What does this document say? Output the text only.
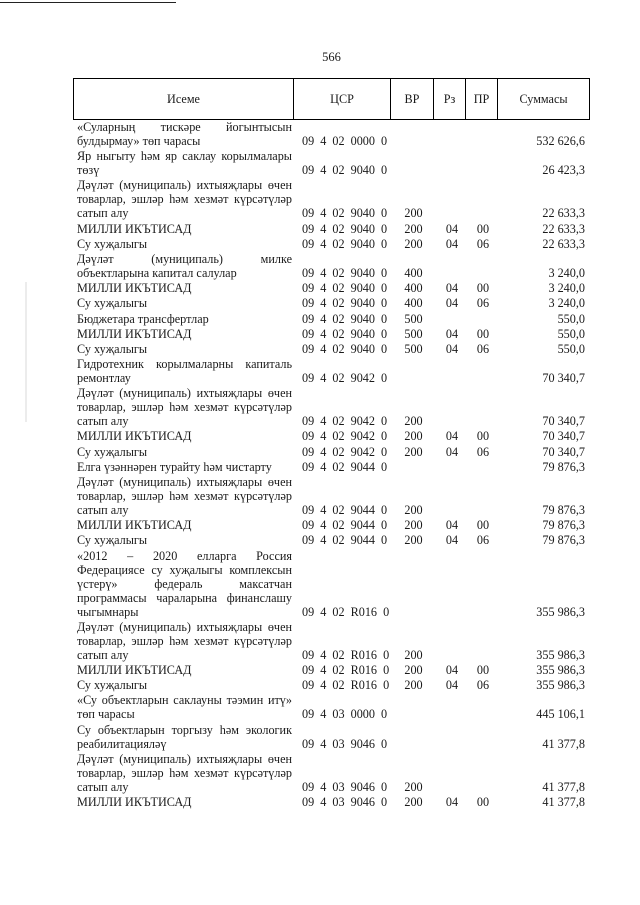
566
Исеме	ЦСР	ВР	Рз	ПР	Суммасы
«Суларның тискәре йогынтысын
булдырмау» төп чарасы	09 4 02 0000 0	532 626,6
Яр ныгыту һәм яр саклау корылмалары
төзү	09 4 02 9040 0	26 423,3
Дәүләт (муниципаль) ихтыяҗлары өчен
товарлар, эшләр һәм хезмәт күрсәтүләр
сатып алу	09 4 02 9040 0	200	22 633,3
МИЛЛИ ИКЪТИСАД	09 4 02 9040 0	200	04	00	22 633,3
Су хуҗалыгы	09 4 02 9040 0	200	04	06	22 633,3
Дәүләт (муниципаль) милке
объектларына капитал салулар	09 4 02 9040 0	400	3 240,0
МИЛЛИ ИКЪТИСАД	09 4 02 9040 0	400	04	00	3 240,0
Су хуҗалыгы	09 4 02 9040 0	400	04	06	3 240,0
Бюджетара трансфертлар	09 4 02 9040 0	500	550,0
МИЛЛИ ИКЪТИСАД	09 4 02 9040 0	500	04	00	550,0
Су хуҗалыгы	09 4 02 9040 0	500	04	06	550,0
Гидротехник корылмаларны капиталь
ремонтлау	09 4 02 9042 0	70 340,7
Дәүләт (муниципаль) ихтыяҗлары өчен
товарлар, эшләр һәм хезмәт күрсәтүләр
сатып алу	09 4 02 9042 0	200	70 340,7
МИЛЛИ ИКЪТИСАД	09 4 02 9042 0	200	04	00	70 340,7
Су хуҗалыгы	09 4 02 9042 0	200	04	06	70 340,7
Елга үзәннәрен турайту һәм чистарту	09 4 02 9044 0	79 876,3
Дәүләт (муниципаль) ихтыяҗлары өчен
товарлар, эшләр һәм хезмәт күрсәтүләр
сатып алу	09 4 02 9044 0	200	79 876,3
МИЛЛИ ИКЪТИСАД	09 4 02 9044 0	200	04	00	79 876,3
Су хуҗалыгы	09 4 02 9044 0	200	04	06	79 876,3
«2012 – 2020 елларга Россия
Федерациясе су хуҗалыгы комплексын
үстерү» федераль максатчан
программасы чараларына финанслашу
чыгымнары	09 4 02 R016 0	355 986,3
Дәүләт (муниципаль) ихтыяҗлары өчен
товарлар, эшләр һәм хезмәт күрсәтүләр
сатып алу	09 4 02 R016 0	200	355 986,3
МИЛЛИ ИКЪТИСАД	09 4 02 R016 0	200	04	00	355 986,3
Су хуҗалыгы	09 4 02 R016 0	200	04	06	355 986,3
«Су объектларын саклауны тәэмин итү»
төп чарасы	09 4 03 0000 0	445 106,1
Су объектларын торгызу һәм экологик
реабилитацияләү	09 4 03 9046 0	41 377,8
Дәүләт (муниципаль) ихтыяҗлары өчен
товарлар, эшләр һәм хезмәт күрсәтүләр
сатып алу	09 4 03 9046 0	200	41 377,8
МИЛЛИ ИКЪТИСАД	09 4 03 9046 0	200	04	00	41 377,8
